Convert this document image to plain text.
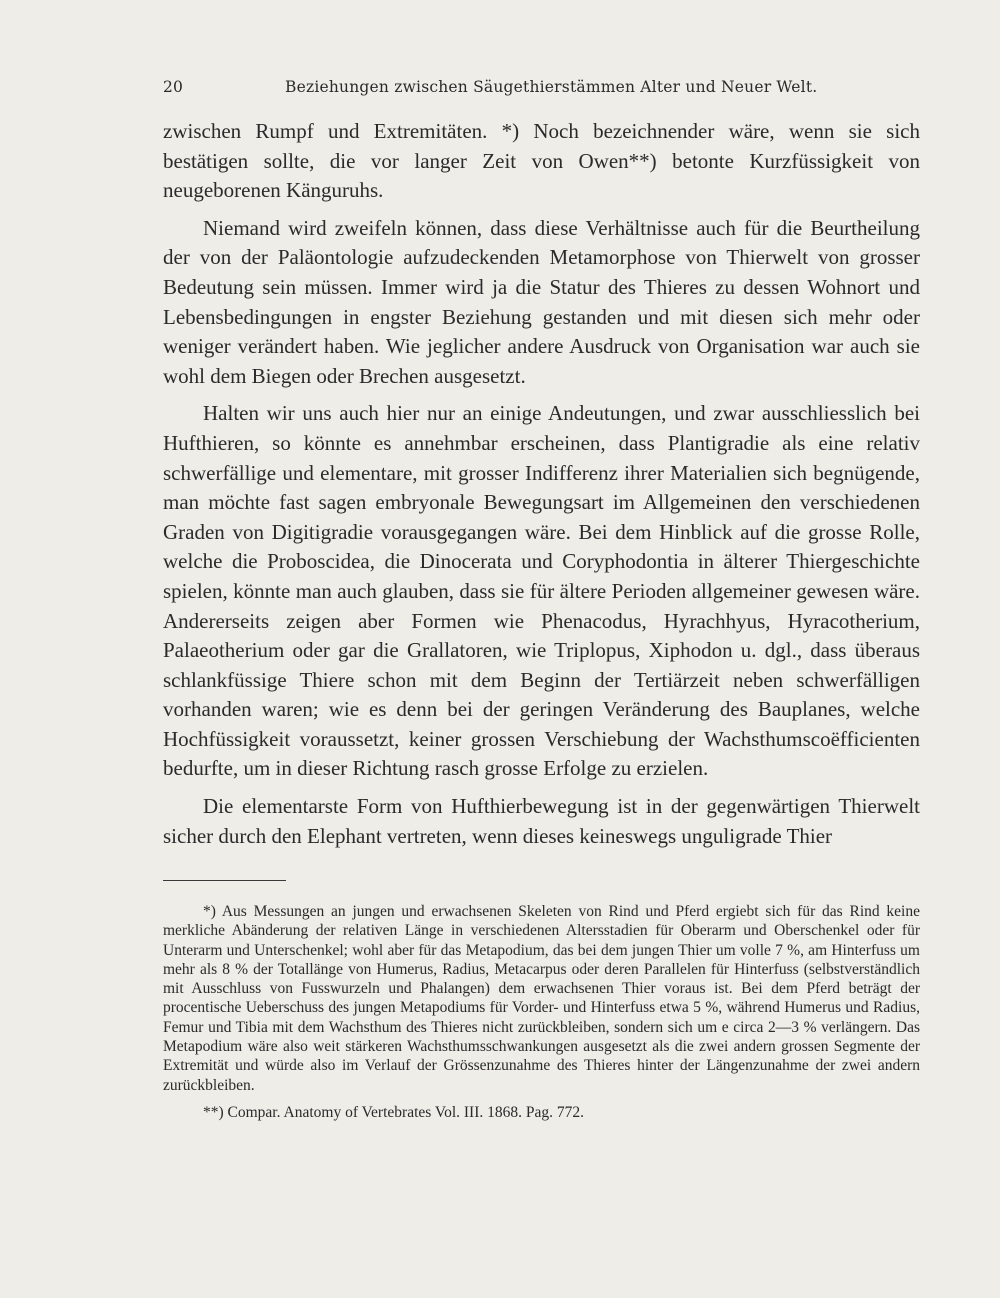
20	Beziehungen zwischen Säugethierstämmen Alter und Neuer Welt.

zwischen Rumpf und Extremitäten. *) Noch bezeichnender wäre, wenn sie sich bestätigen sollte, die vor langer Zeit von Owen**) betonte Kurzfüssigkeit von neugeborenen Känguruhs.

Niemand wird zweifeln können, dass diese Verhältnisse auch für die Beurtheilung der von der Paläontologie aufzudeckenden Metamorphose von Thierwelt von grosser Bedeutung sein müssen. Immer wird ja die Statur des Thieres zu dessen Wohnort und Lebensbedingungen in engster Beziehung gestanden und mit diesen sich mehr oder weniger verändert haben. Wie jeglicher andere Ausdruck von Organisation war auch sie wohl dem Biegen oder Brechen ausgesetzt.

Halten wir uns auch hier nur an einige Andeutungen, und zwar ausschliesslich bei Hufthieren, so könnte es annehmbar erscheinen, dass Plantigradie als eine relativ schwerfällige und elementare, mit grosser Indifferenz ihrer Materialien sich begnügende, man möchte fast sagen embryonale Bewegungsart im Allgemeinen den verschiedenen Graden von Digitigradie vorausgegangen wäre. Bei dem Hinblick auf die grosse Rolle, welche die Proboscidea, die Dinocerata und Coryphodontia in älterer Thiergeschichte spielen, könnte man auch glauben, dass sie für ältere Perioden allgemeiner gewesen wäre. Andererseits zeigen aber Formen wie Phenacodus, Hyrachhyus, Hyracotherium, Palaeotherium oder gar die Grallatoren, wie Triplopus, Xiphodon u. dgl., dass überaus schlankfüssige Thiere schon mit dem Beginn der Tertiärzeit neben schwerfälligen vorhanden waren; wie es denn bei der geringen Veränderung des Bauplanes, welche Hochfüssigkeit voraussetzt, keiner grossen Verschiebung der Wachsthumscoëfficienten bedurfte, um in dieser Richtung rasch grosse Erfolge zu erzielen.

Die elementarste Form von Hufthierbewegung ist in der gegenwärtigen Thierwelt sicher durch den Elephant vertreten, wenn dieses keineswegs unguligrade Thier

*) Aus Messungen an jungen und erwachsenen Skeleten von Rind und Pferd ergiebt sich für das Rind keine merkliche Abänderung der relativen Länge in verschiedenen Altersstadien für Oberarm und Oberschenkel oder für Unterarm und Unterschenkel; wohl aber für das Metapodium, das bei dem jungen Thier um volle 7 %, am Hinterfuss um mehr als 8 % der Totallänge von Humerus, Radius, Metacarpus oder deren Parallelen für Hinterfuss (selbstverständlich mit Ausschluss von Fusswurzeln und Phalangen) dem erwachsenen Thier voraus ist. Bei dem Pferd beträgt der procentische Ueberschuss des jungen Metapodiums für Vorder- und Hinterfuss etwa 5 %, während Humerus und Radius, Femur und Tibia mit dem Wachsthum des Thieres nicht zurückbleiben, sondern sich um e circa 2—3 % verlängern. Das Metapodium wäre also weit stärkeren Wachsthumsschwankungen ausgesetzt als die zwei andern grossen Segmente der Extremität und würde also im Verlauf der Grössenzunahme des Thieres hinter der Längenzunahme der zwei andern zurückbleiben.

**) Compar. Anatomy of Vertebrates Vol. III. 1868. Pag. 772.
